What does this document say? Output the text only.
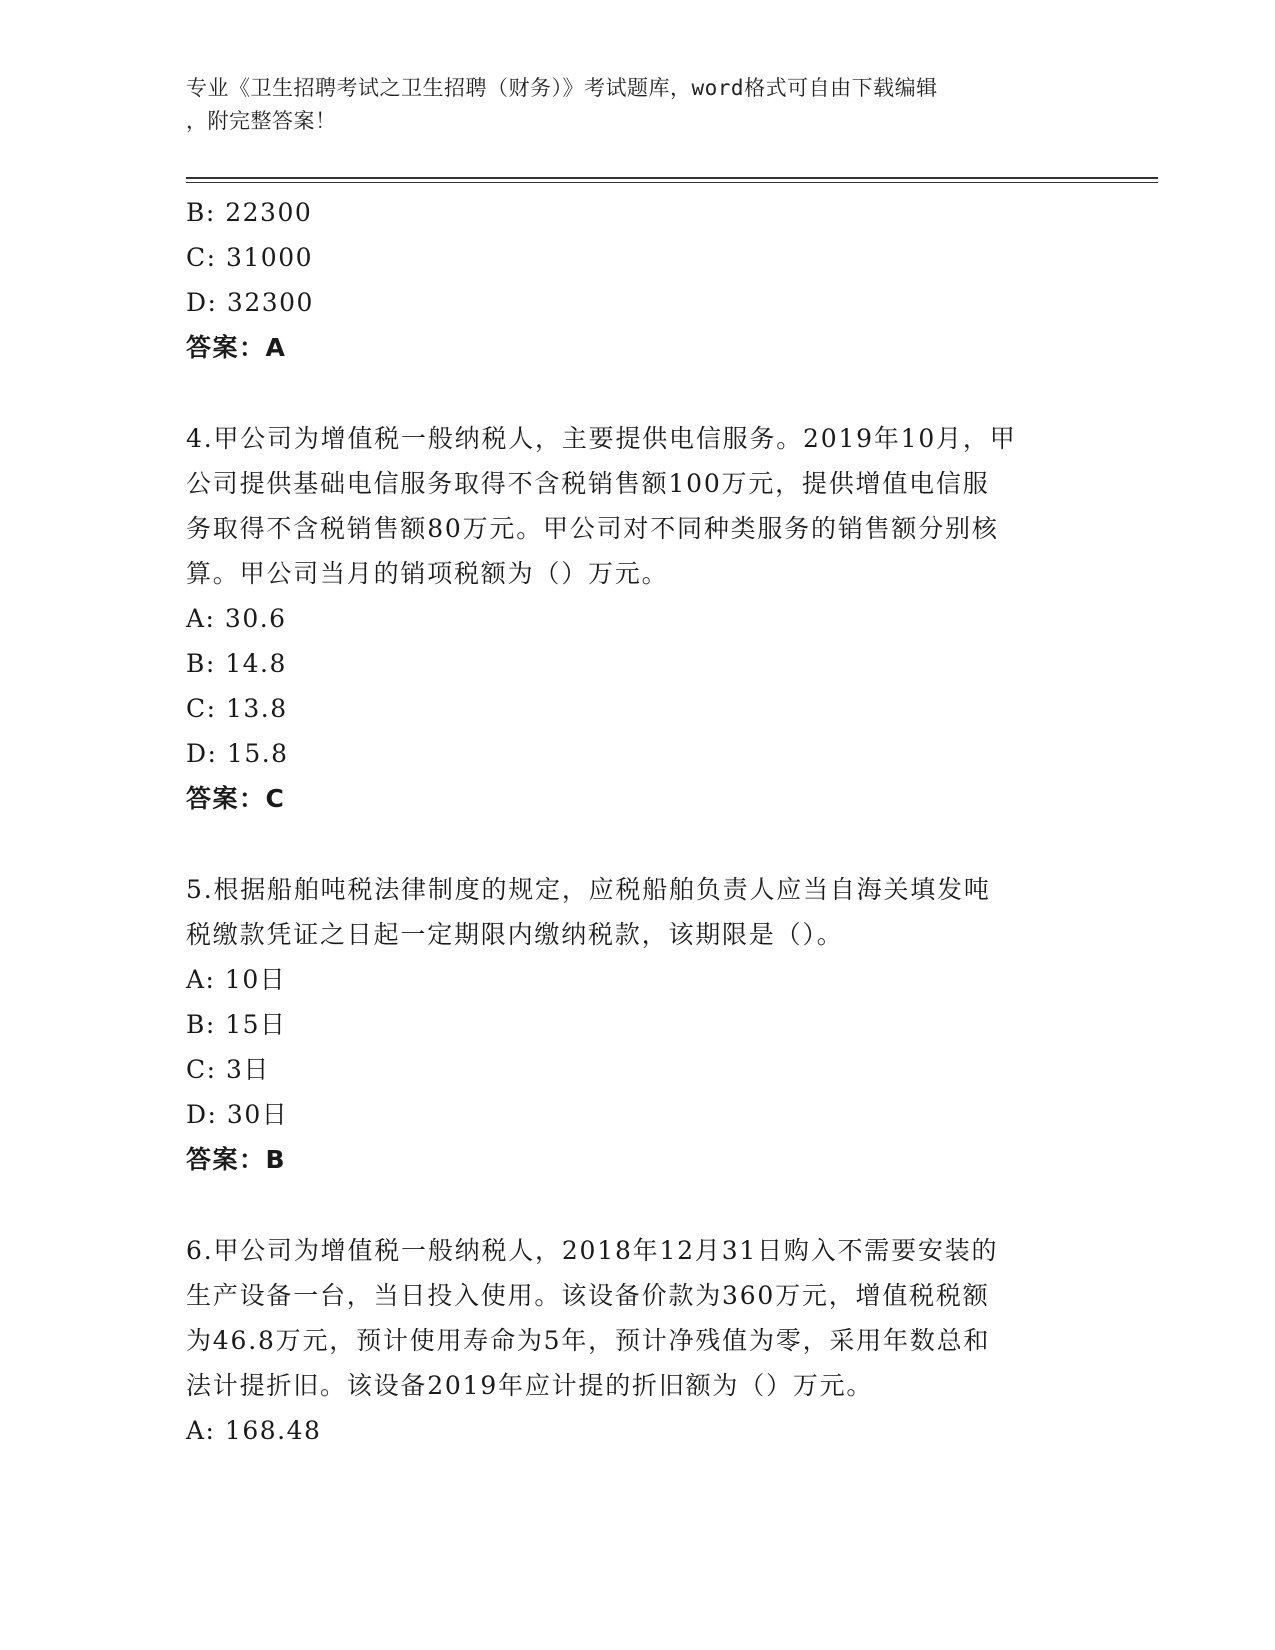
专业《卫生招聘考试之卫生招聘（财务）》考试题库，word格式可自由下载编辑
，附完整答案！
B: 22300
C: 31000
D: 32300
答案：A
4.甲公司为增值税一般纳税人，主要提供电信服务。2019年10月，甲
公司提供基础电信服务取得不含税销售额100万元，提供增值电信服
务取得不含税销售额80万元。甲公司对不同种类服务的销售额分别核
算。甲公司当月的销项税额为（）万元。
A: 30.6
B: 14.8
C: 13.8
D: 15.8
答案：C
5.根据船舶吨税法律制度的规定，应税船舶负责人应当自海关填发吨
税缴款凭证之日起一定期限内缴纳税款，该期限是（）。
A: 10日
B: 15日
C: 3日
D: 30日
答案：B
6.甲公司为增值税一般纳税人，2018年12月31日购入不需要安装的
生产设备一台，当日投入使用。该设备价款为360万元，增值税税额
为46.8万元，预计使用寿命为5年，预计净残值为零，采用年数总和
法计提折旧。该设备2019年应计提的折旧额为（）万元。
A: 168.48
